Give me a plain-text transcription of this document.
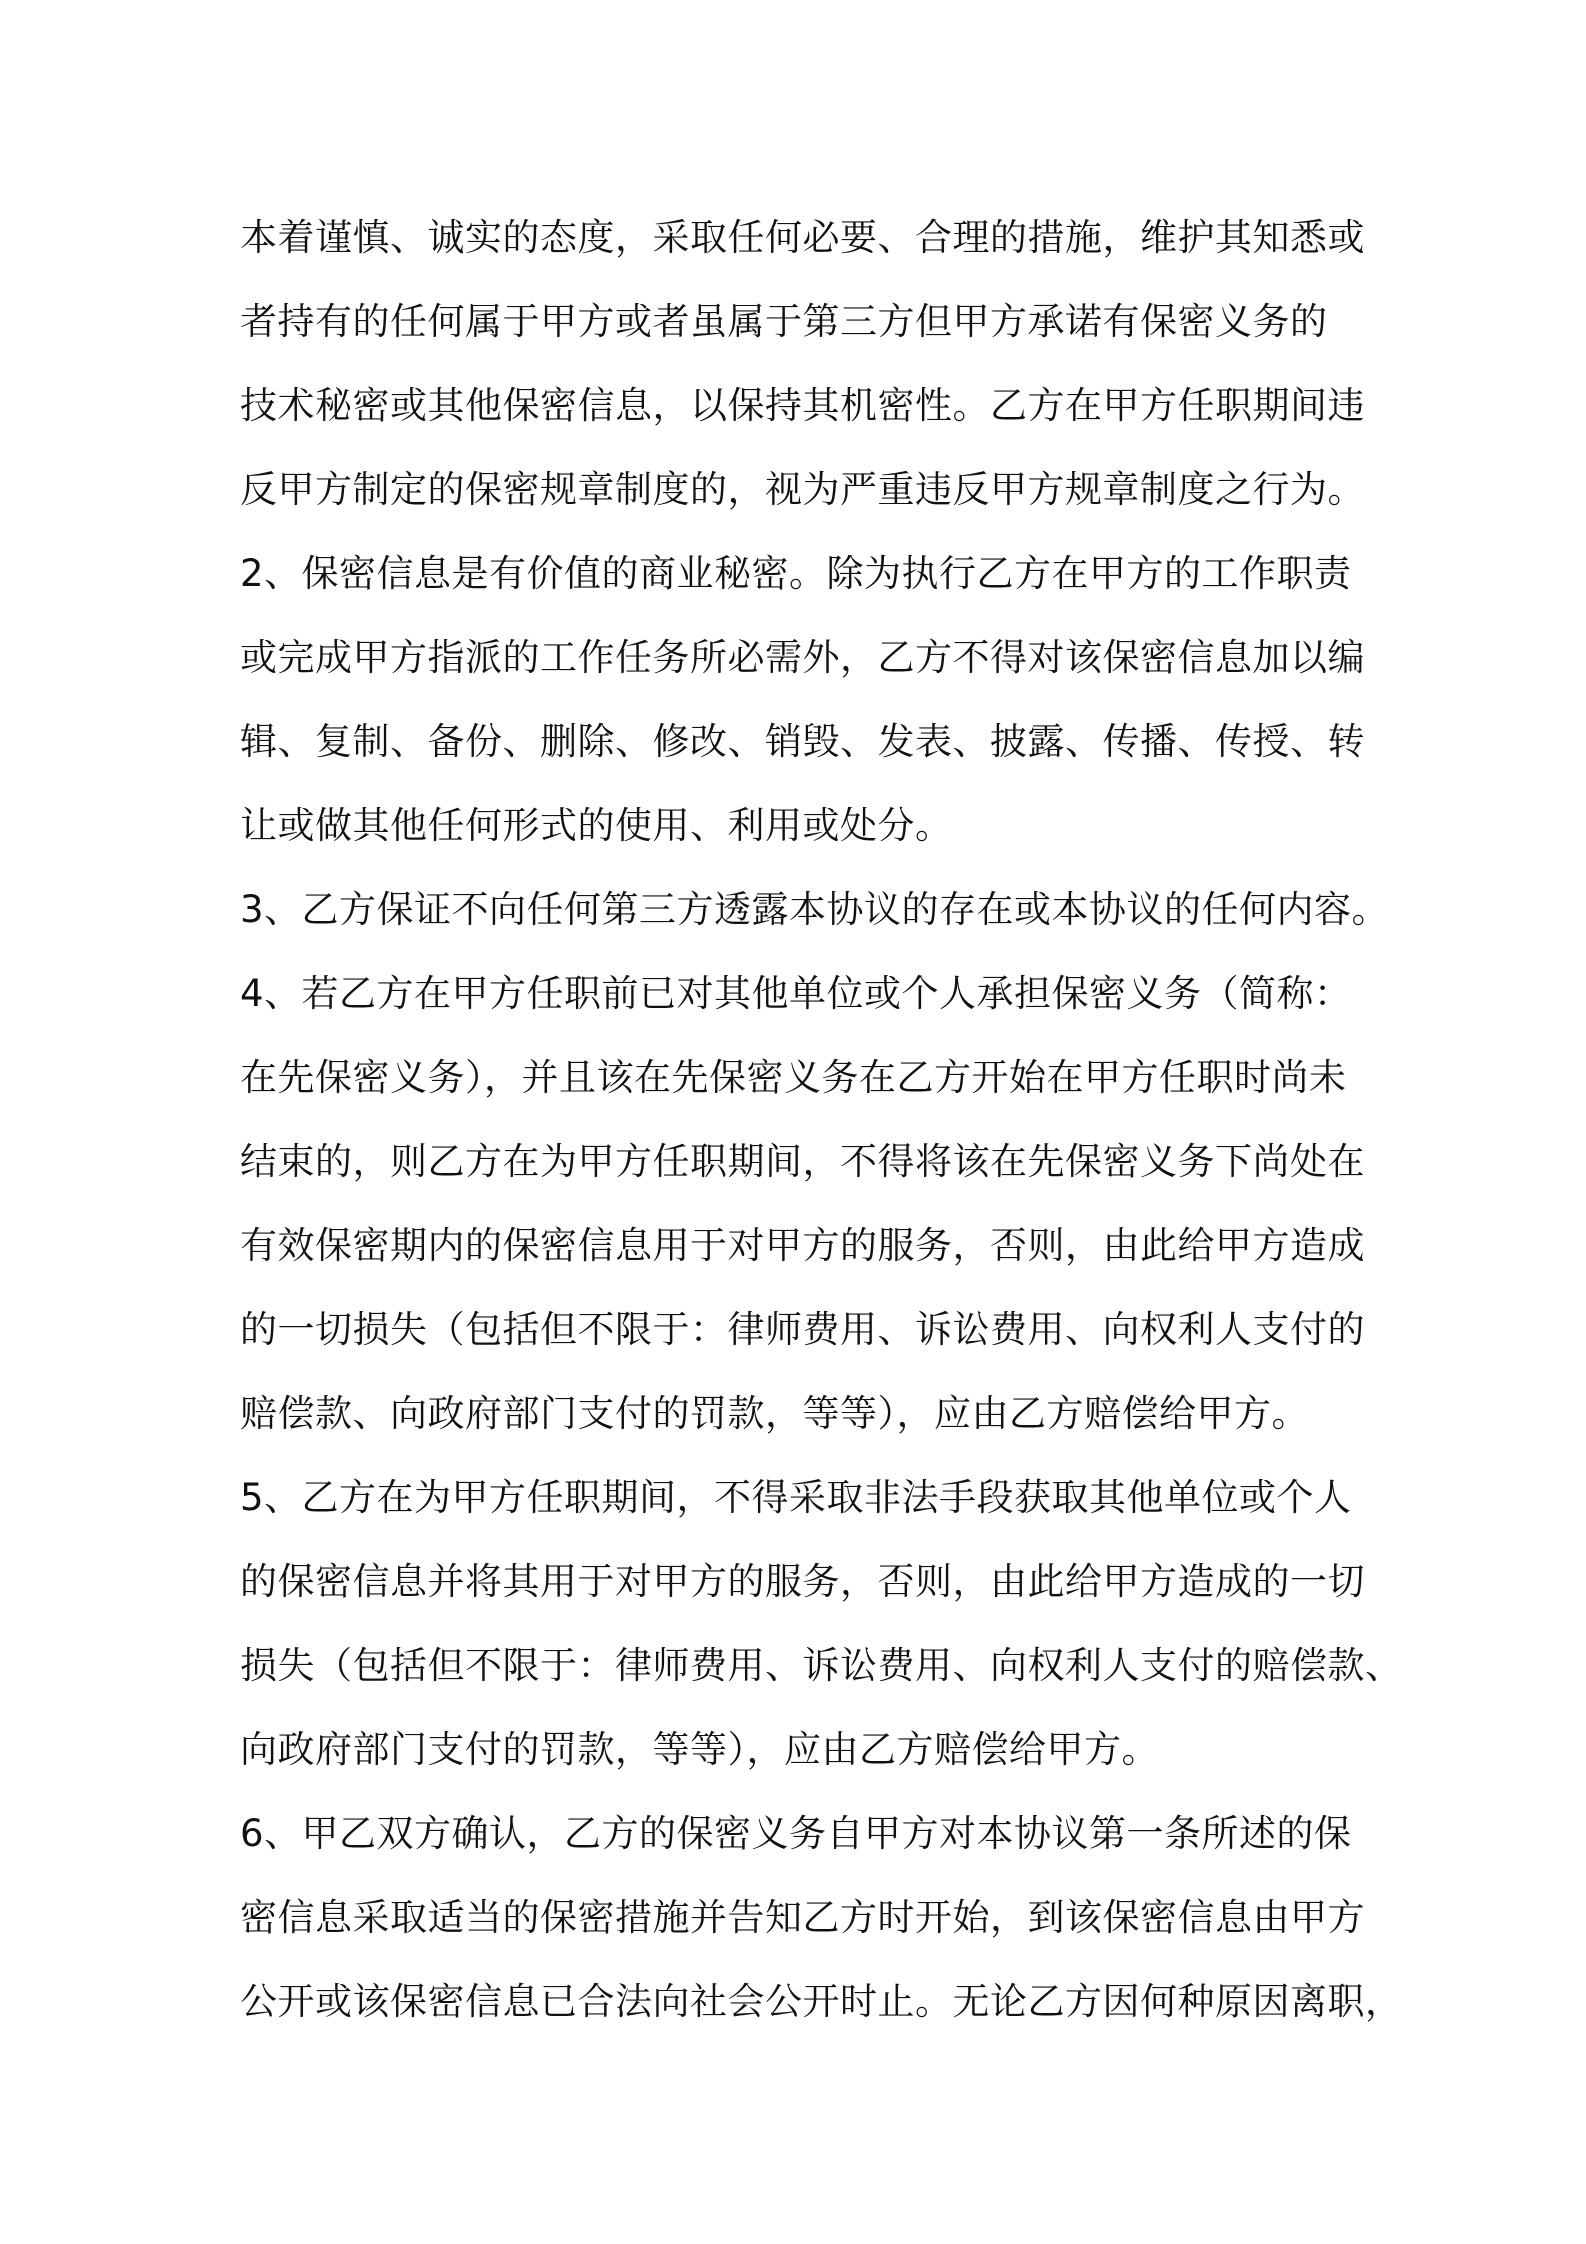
本着谨慎、诚实的态度，采取任何必要、合理的措施，维护其知悉或
者持有的任何属于甲方或者虽属于第三方但甲方承诺有保密义务的
技术秘密或其他保密信息，以保持其机密性。乙方在甲方任职期间违
反甲方制定的保密规章制度的，视为严重违反甲方规章制度之行为。
2、保密信息是有价值的商业秘密。除为执行乙方在甲方的工作职责
或完成甲方指派的工作任务所必需外，乙方不得对该保密信息加以编
辑、复制、备份、删除、修改、销毁、发表、披露、传播、传授、转
让或做其他任何形式的使用、利用或处分。
3、乙方保证不向任何第三方透露本协议的存在或本协议的任何内容。
4、若乙方在甲方任职前已对其他单位或个人承担保密义务（简称：
在先保密义务），并且该在先保密义务在乙方开始在甲方任职时尚未
结束的，则乙方在为甲方任职期间，不得将该在先保密义务下尚处在
有效保密期内的保密信息用于对甲方的服务，否则，由此给甲方造成
的一切损失（包括但不限于：律师费用、诉讼费用、向权利人支付的
赔偿款、向政府部门支付的罚款，等等），应由乙方赔偿给甲方。
5、乙方在为甲方任职期间，不得采取非法手段获取其他单位或个人
的保密信息并将其用于对甲方的服务，否则，由此给甲方造成的一切
损失（包括但不限于：律师费用、诉讼费用、向权利人支付的赔偿款、
向政府部门支付的罚款，等等），应由乙方赔偿给甲方。
6、甲乙双方确认，乙方的保密义务自甲方对本协议第一条所述的保
密信息采取适当的保密措施并告知乙方时开始，到该保密信息由甲方
公开或该保密信息已合法向社会公开时止。无论乙方因何种原因离职，
